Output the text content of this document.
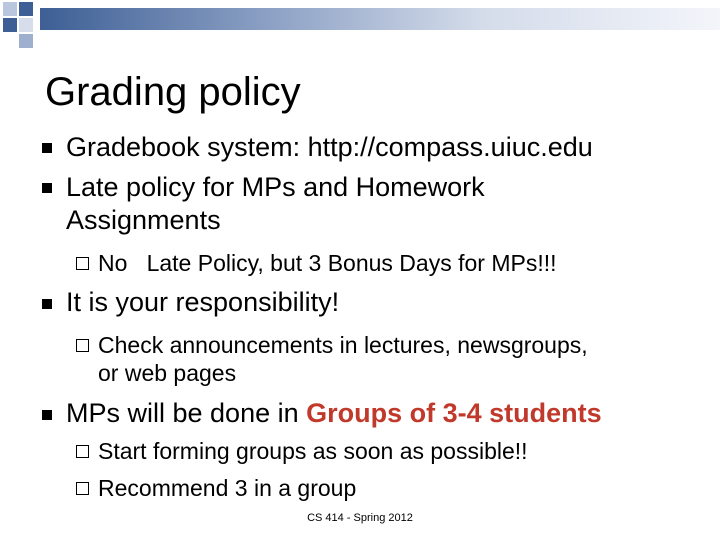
Grading policy
Gradebook system: http://compass.uiuc.edu
Late policy for MPs and Homework
Assignments
No   Late Policy, but 3 Bonus Days for MPs!!!
It is your responsibility!
Check announcements in lectures, newsgroups,
or web pages
MPs will be done in Groups of 3-4 students
Start forming groups as soon as possible!!
Recommend 3 in a group
CS 414 - Spring 2012
